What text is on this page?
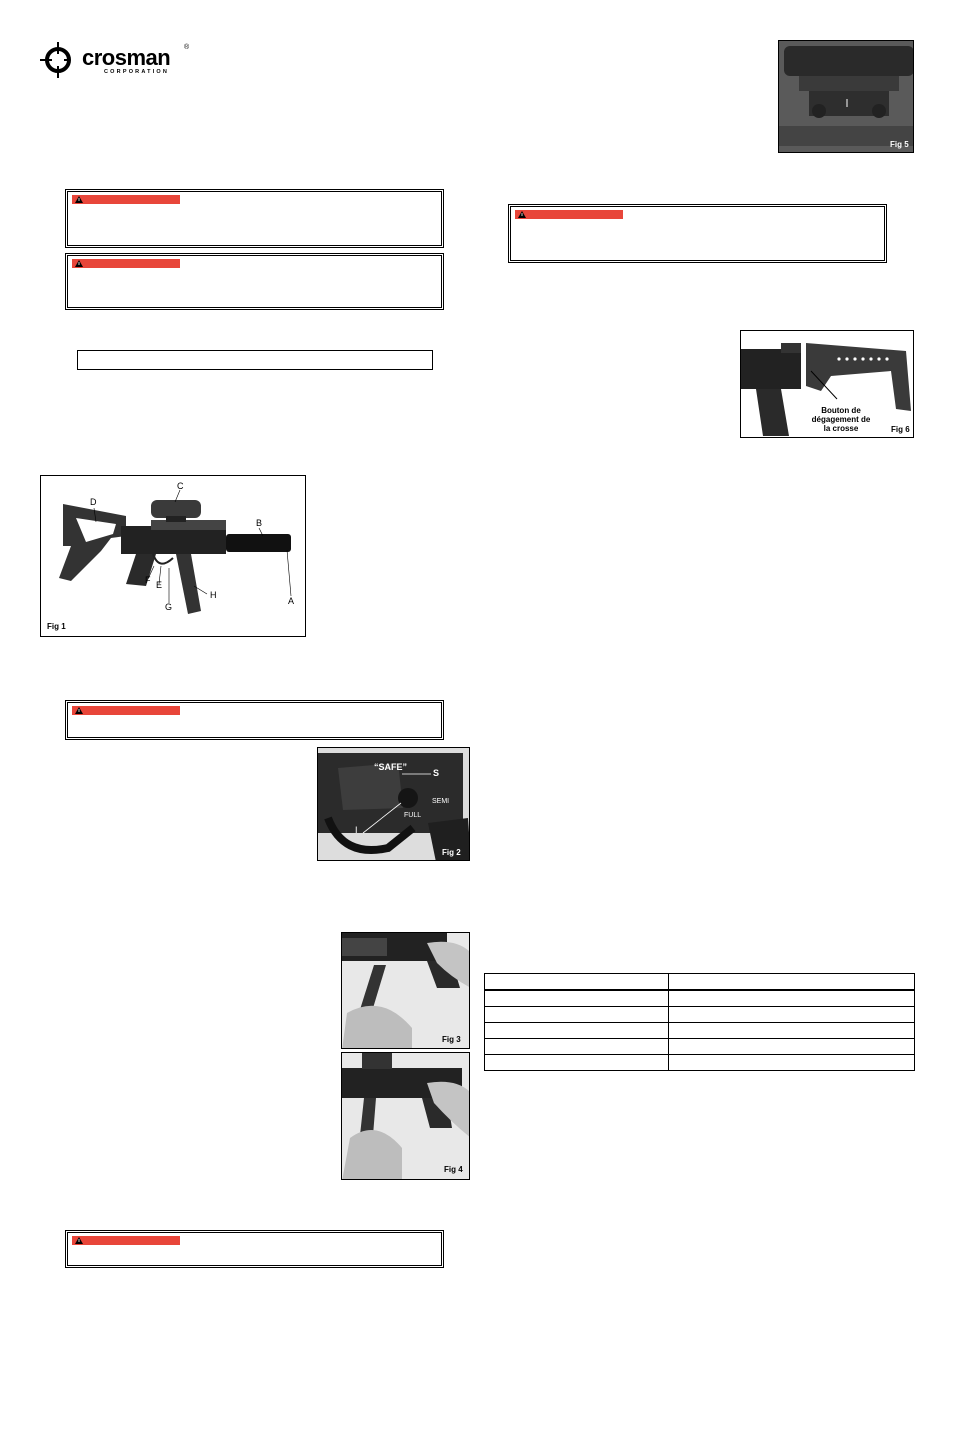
crosman ®
CORPORATION
A
B
C
D
E
F
G
H
Fig 1
“SAFE”
S
SEMI
FULL
I
Fig 2
Fig 3
Fig 4
Fig 5
Bouton de
dégagement de
la crosse	Fig 6
